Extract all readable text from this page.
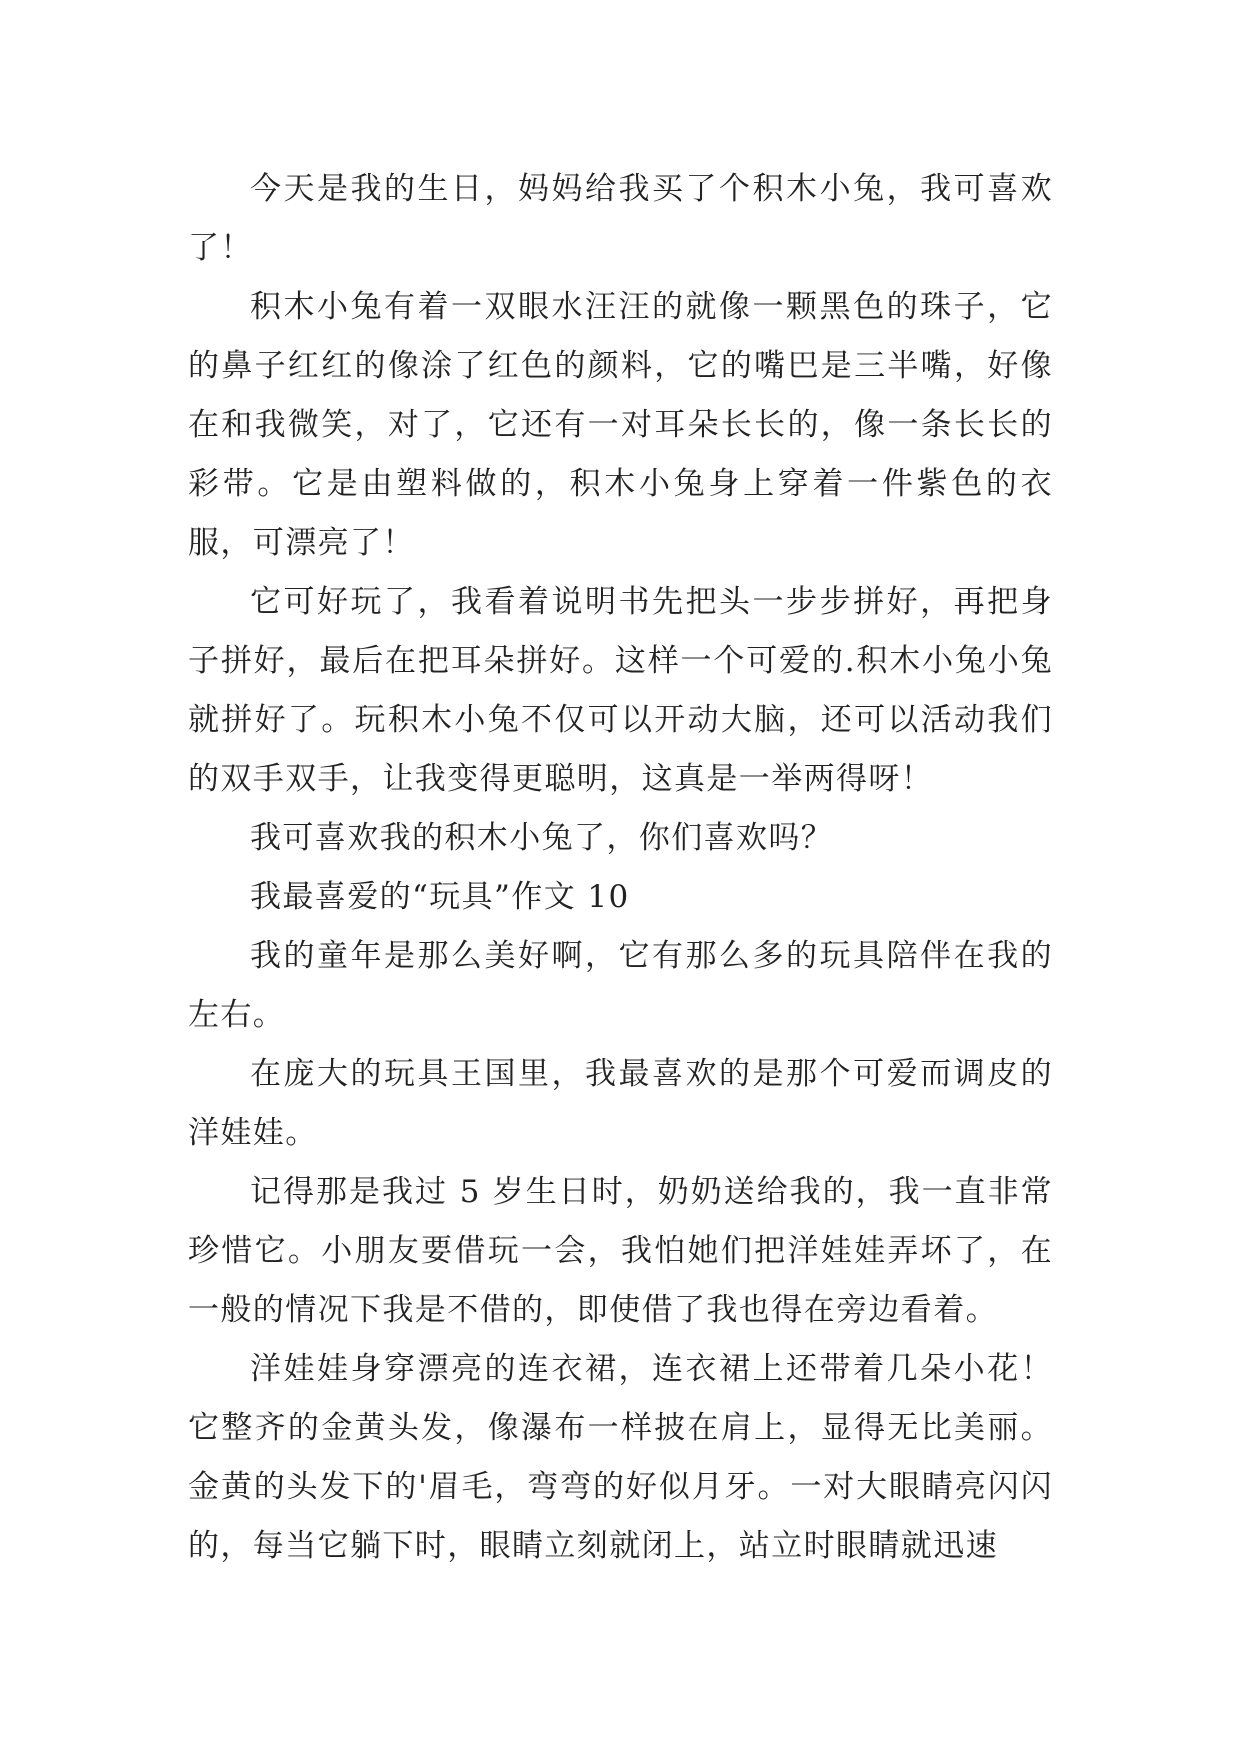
今天是我的生日，妈妈给我买了个积木小兔，我可喜欢了！

积木小兔有着一双眼水汪汪的就像一颗黑色的珠子，它的鼻子红红的像涂了红色的颜料，它的嘴巴是三半嘴，好像在和我微笑，对了，它还有一对耳朵长长的，像一条长长的彩带。它是由塑料做的，积木小兔身上穿着一件紫色的衣服，可漂亮了！

它可好玩了，我看着说明书先把头一步步拼好，再把身子拼好，最后在把耳朵拼好。这样一个可爱的.积木小兔小兔就拼好了。玩积木小兔不仅可以开动大脑，还可以活动我们的双手双手，让我变得更聪明，这真是一举两得呀！

我可喜欢我的积木小兔了，你们喜欢吗？

我最喜爱的“玩具”作文 10

我的童年是那么美好啊，它有那么多的玩具陪伴在我的左右。

在庞大的玩具王国里，我最喜欢的是那个可爱而调皮的洋娃娃。

记得那是我过 5 岁生日时，奶奶送给我的，我一直非常珍惜它。小朋友要借玩一会，我怕她们把洋娃娃弄坏了，在一般的情况下我是不借的，即使借了我也得在旁边看着。

洋娃娃身穿漂亮的连衣裙，连衣裙上还带着几朵小花！它整齐的金黄头发，像瀑布一样披在肩上，显得无比美丽。金黄的头发下的'眉毛，弯弯的好似月牙。一对大眼睛亮闪闪的，每当它躺下时，眼睛立刻就闭上，站立时眼睛就迅速
